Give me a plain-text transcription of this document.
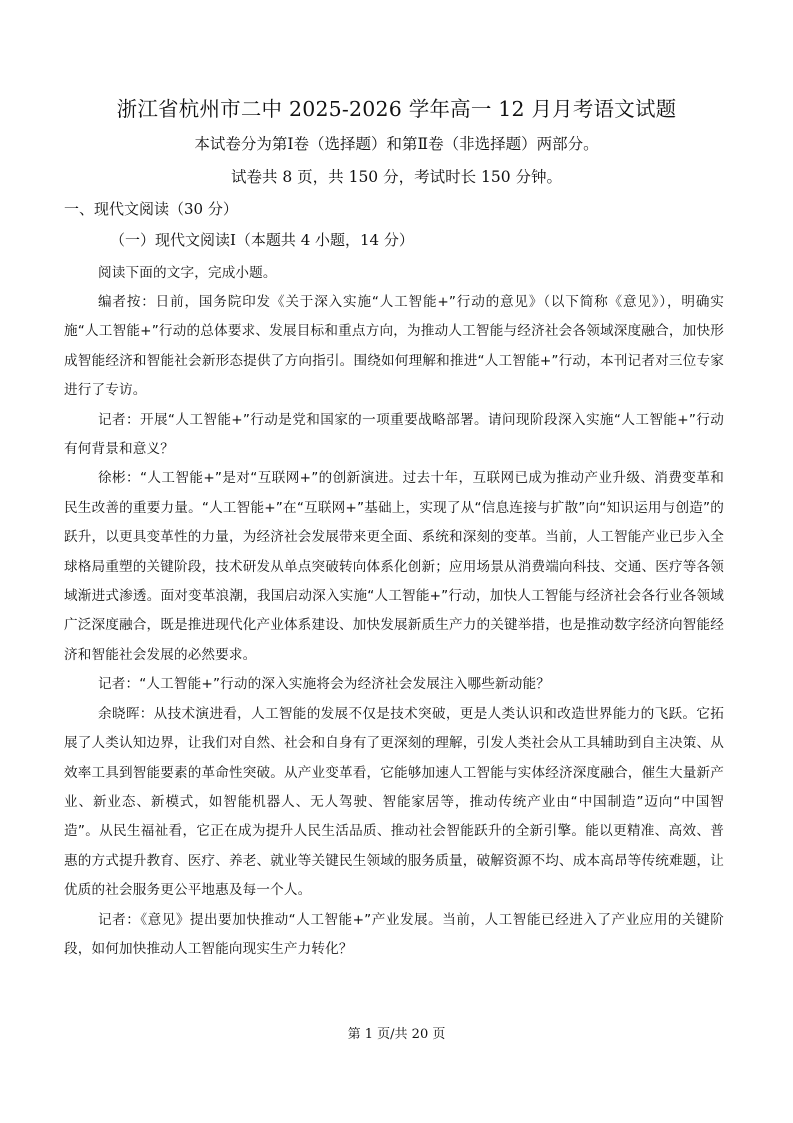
浙江省杭州市二中 2025-2026 学年高一 12 月月考语文试题
本试卷分为第Ⅰ卷（选择题）和第Ⅱ卷（非选择题）两部分。
试卷共 8 页，共 150 分，考试时长 150 分钟。
一、现代文阅读（30 分）
（一）现代文阅读Ⅰ（本题共 4 小题，14 分）

阅读下面的文字，完成小题。

编者按：日前，国务院印发《关于深入实施“人工智能+”行动的意见》（以下简称《意见》），明确实施“人工智能+”行动的总体要求、发展目标和重点方向，为推动人工智能与经济社会各领域深度融合，加快形成智能经济和智能社会新形态提供了方向指引。围绕如何理解和推进“人工智能+”行动，本刊记者对三位专家进行了专访。

记者：开展“人工智能+”行动是党和国家的一项重要战略部署。请问现阶段深入实施“人工智能+”行动有何背景和意义？

徐彬：“人工智能+”是对“互联网+”的创新演进。过去十年，互联网已成为推动产业升级、消费变革和民生改善的重要力量。“人工智能+”在“互联网+”基础上，实现了从“信息连接与扩散”向“知识运用与创造”的跃升，以更具变革性的力量，为经济社会发展带来更全面、系统和深刻的变革。当前，人工智能产业已步入全球格局重塑的关键阶段，技术研发从单点突破转向体系化创新；应用场景从消费端向科技、交通、医疗等各领域渐进式渗透。面对变革浪潮，我国启动深入实施“人工智能+”行动，加快人工智能与经济社会各行业各领域广泛深度融合，既是推进现代化产业体系建设、加快发展新质生产力的关键举措，也是推动数字经济向智能经济和智能社会发展的必然要求。

记者：“人工智能+”行动的深入实施将会为经济社会发展注入哪些新动能？

余晓晖：从技术演进看，人工智能的发展不仅是技术突破，更是人类认识和改造世界能力的飞跃。它拓展了人类认知边界，让我们对自然、社会和自身有了更深刻的理解，引发人类社会从工具辅助到自主决策、从效率工具到智能要素的革命性突破。从产业变革看，它能够加速人工智能与实体经济深度融合，催生大量新产业、新业态、新模式，如智能机器人、无人驾驶、智能家居等，推动传统产业由“中国制造”迈向“中国智造”。从民生福祉看，它正在成为提升人民生活品质、推动社会智能跃升的全新引擎。能以更精准、高效、普惠的方式提升教育、医疗、养老、就业等关键民生领域的服务质量，破解资源不均、成本高昂等传统难题，让优质的社会服务更公平地惠及每一个人。

记者：《意见》提出要加快推动“人工智能+”产业发展。当前，人工智能已经进入了产业应用的关键阶段，如何加快推动人工智能向现实生产力转化？

第 1 页/共 20 页
